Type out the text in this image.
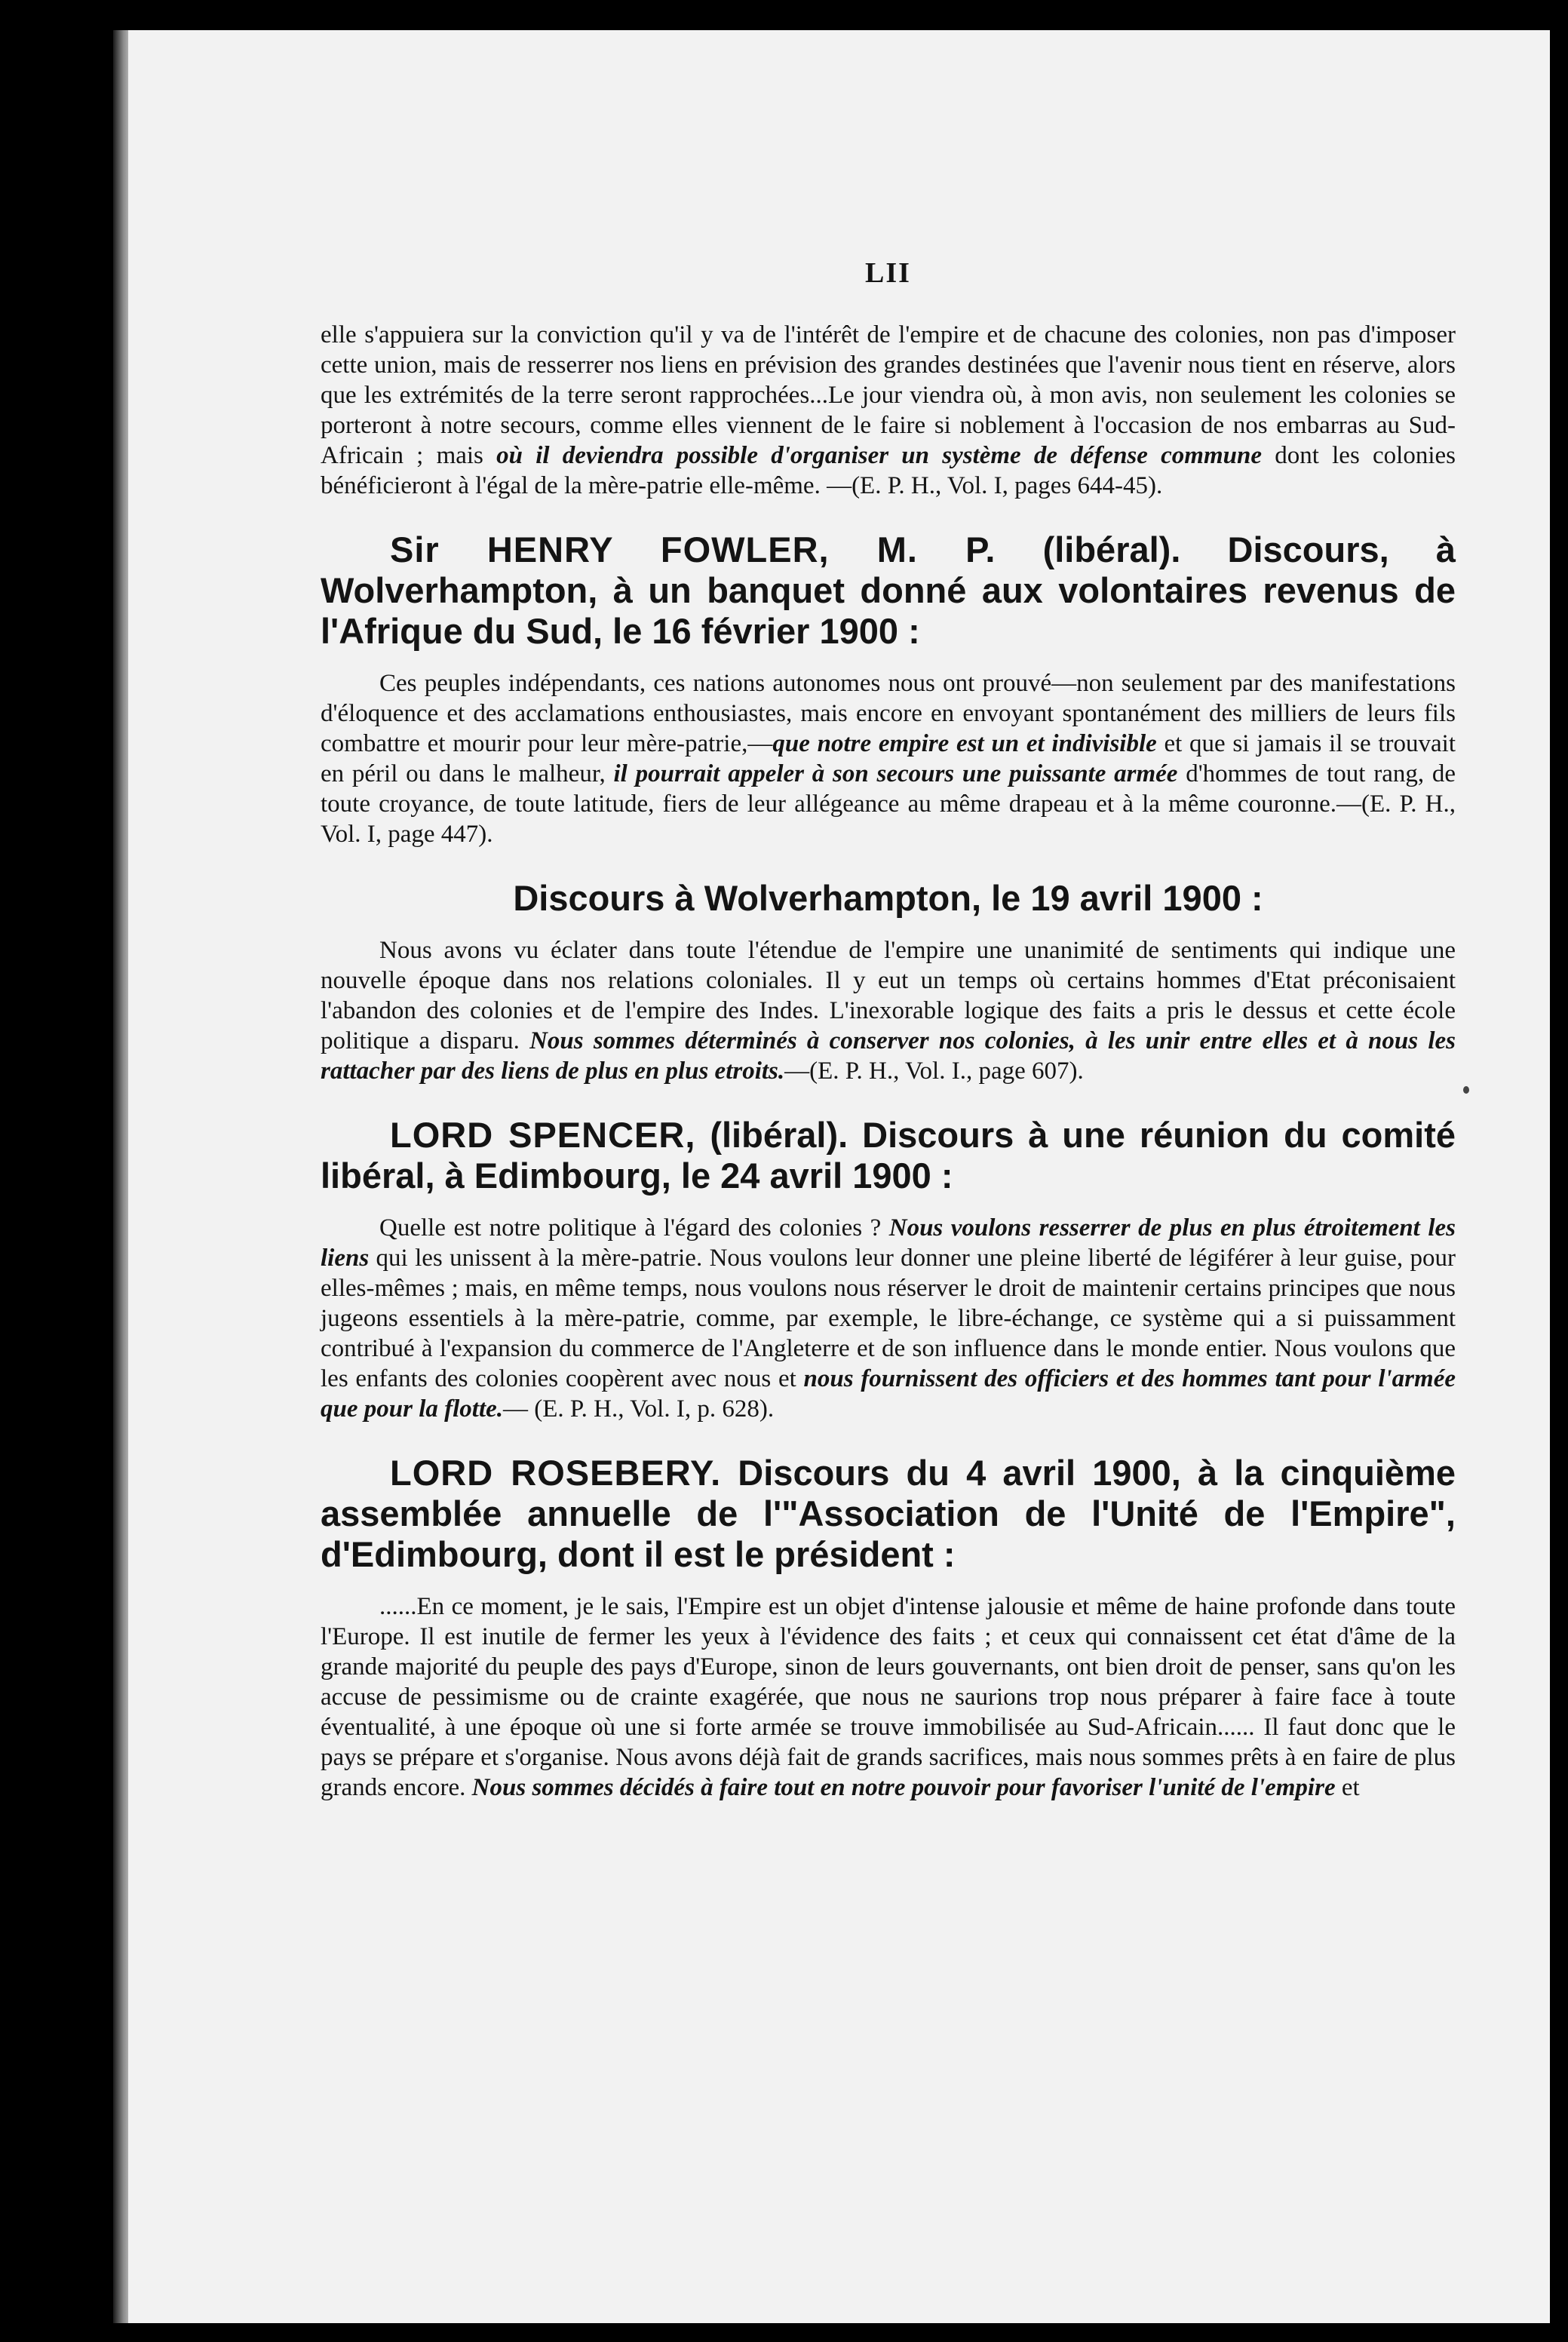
LII

elle s'appuiera sur la conviction qu'il y va de l'intérêt de l'empire et de chacune des colonies, non pas d'imposer cette union, mais de resserrer nos liens en prévision des grandes destinées que l'avenir nous tient en réserve, alors que les extrémités de la terre seront rapprochées...Le jour viendra où, à mon avis, non seulement les colonies se porteront à notre secours, comme elles viennent de le faire si noblement à l'occasion de nos embarras au Sud-Africain ; mais où il deviendra possible d'organiser un système de défense commune dont les colonies bénéficieront à l'égal de la mère-patrie elle-même. —(E. P. H., Vol. I, pages 644-45).

Sir HENRY FOWLER, M. P. (libéral). Discours, à Wolverhampton, à un banquet donné aux volontaires revenus de l'Afrique du Sud, le 16 février 1900 :

Ces peuples indépendants, ces nations autonomes nous ont prouvé—non seulement par des manifestations d'éloquence et des acclamations enthousiastes, mais encore en envoyant spontanément des milliers de leurs fils combattre et mourir pour leur mère-patrie,—que notre empire est un et indivisible et que si jamais il se trouvait en péril ou dans le malheur, il pourrait appeler à son secours une puissante armée d'hommes de tout rang, de toute croyance, de toute latitude, fiers de leur allégeance au même drapeau et à la même couronne.—(E. P. H., Vol. I, page 447).

Discours à Wolverhampton, le 19 avril 1900 :

Nous avons vu éclater dans toute l'étendue de l'empire une unanimité de sentiments qui indique une nouvelle époque dans nos relations coloniales. Il y eut un temps où certains hommes d'Etat préconisaient l'abandon des colonies et de l'empire des Indes. L'inexorable logique des faits a pris le dessus et cette école politique a disparu. Nous sommes déterminés à conserver nos colonies, à les unir entre elles et à nous les rattacher par des liens de plus en plus etroits.—(E. P. H., Vol. I., page 607).

LORD SPENCER, (libéral). Discours à une réunion du comité libéral, à Edimbourg, le 24 avril 1900 :

Quelle est notre politique à l'égard des colonies ? Nous voulons resserrer de plus en plus étroitement les liens qui les unissent à la mère-patrie. Nous voulons leur donner une pleine liberté de légiférer à leur guise, pour elles-mêmes ; mais, en même temps, nous voulons nous réserver le droit de maintenir certains principes que nous jugeons essentiels à la mère-patrie, comme, par exemple, le libre-échange, ce système qui a si puissamment contribué à l'expansion du commerce de l'Angleterre et de son influence dans le monde entier. Nous voulons que les enfants des colonies coopèrent avec nous et nous fournissent des officiers et des hommes tant pour l'armée que pour la flotte.— (E. P. H., Vol. I, p. 628).

LORD ROSEBERY. Discours du 4 avril 1900, à la cinquième assemblée annuelle de l'"Association de l'Unité de l'Empire", d'Edimbourg, dont il est le président :

......En ce moment, je le sais, l'Empire est un objet d'intense jalousie et même de haine profonde dans toute l'Europe. Il est inutile de fermer les yeux à l'évidence des faits ; et ceux qui connaissent cet état d'âme de la grande majorité du peuple des pays d'Europe, sinon de leurs gouvernants, ont bien droit de penser, sans qu'on les accuse de pessimisme ou de crainte exagérée, que nous ne saurions trop nous préparer à faire face à toute éventualité, à une époque où une si forte armée se trouve immobilisée au Sud-Africain...... Il faut donc que le pays se prépare et s'organise. Nous avons déjà fait de grands sacrifices, mais nous sommes prêts à en faire de plus grands encore. Nous sommes décidés à faire tout en notre pouvoir pour favoriser l'unité de l'empire et
